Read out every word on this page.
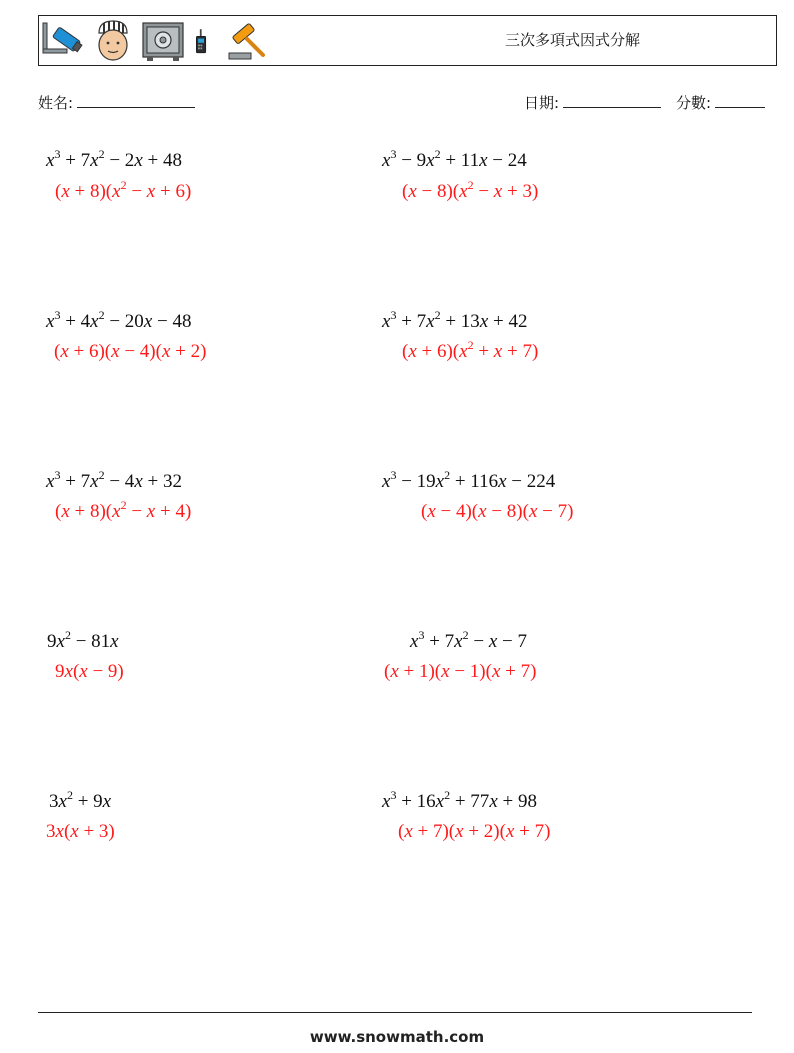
三次多項式因式分解
姓名:	日期:	分數:
$x^3 + 7x^2 - 2x + 48$
$(x + 8)(x^2 - x + 6)$
$x^3 - 9x^2 + 11x - 24$
$(x - 8)(x^2 - x + 3)$
$x^3 + 4x^2 - 20x - 48$
(x + 6)(x − 4)(x + 2)
$x^3 + 7x^2 + 13x + 42$
$(x + 6)(x^2 + x + 7)$
$x^3 + 7x^2 - 4x + 32$
$(x + 8)(x^2 - x + 4)$
$x^3 - 19x^2 + 116x - 224$
(x − 4)(x − 8)(x − 7)
$9x^2 - 81x$
9x(x − 9)
$x^3 + 7x^2 - x - 7$
(x + 1)(x − 1)(x + 7)
$3x^2 + 9x$
3x(x + 3)
$x^3 + 16x^2 + 77x + 98$
(x + 7)(x + 2)(x + 7)
www.snowmath.com
